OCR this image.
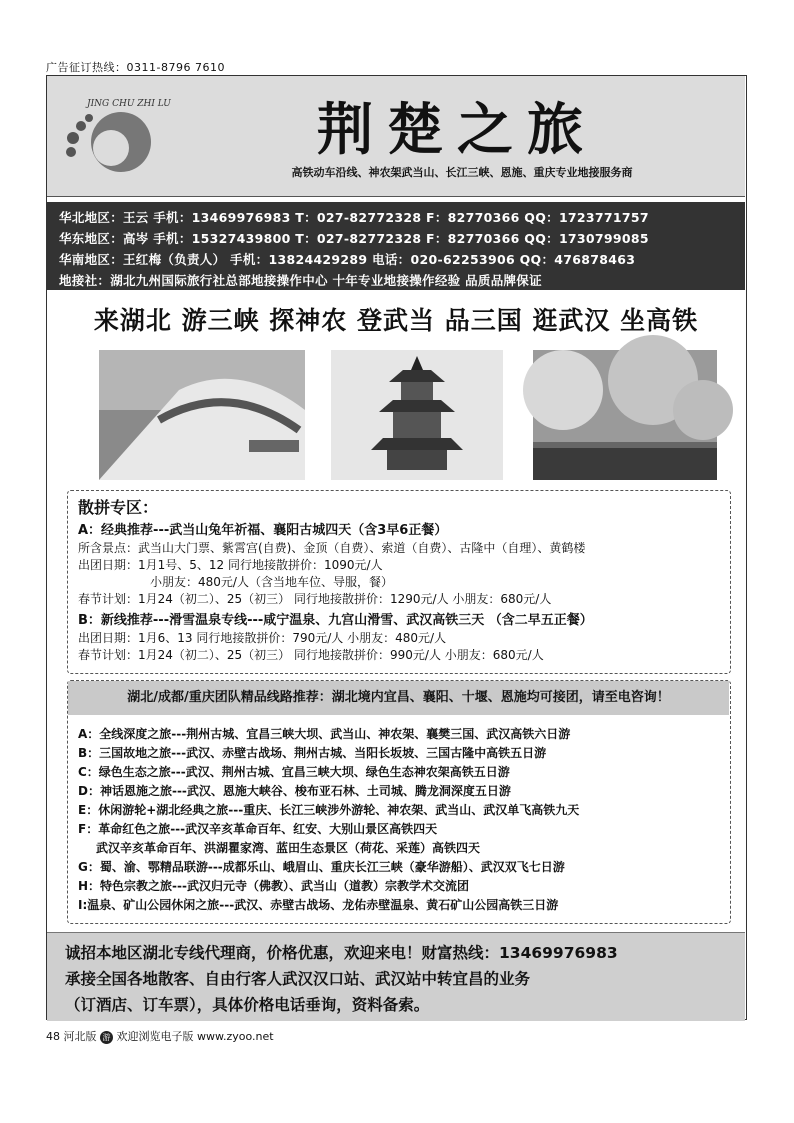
广告征订热线：0311-8796 7610
JING CHU ZHI LU	荆楚之旅
高铁动车沿线、神农架武当山、长江三峡、恩施、重庆专业地接服务商
华北地区：王云 手机：13469976983 T：027-82772328 F：82770366 QQ：1723771757
华东地区：高岑 手机：15327439800 T：027-82772328 F：82770366 QQ：1730799085
华南地区：王红梅（负责人） 手机：13824429289 电话：020-62253906 QQ：476878463
地接社：湖北九州国际旅行社总部地接操作中心 十年专业地接操作经验 品质品牌保证
来湖北 游三峡 探神农 登武当 品三国 逛武汉 坐高铁
散拼专区：
A：经典推荐---武当山兔年祈福、襄阳古城四天（含3早6正餐）
所含景点：武当山大门票、紫霄宫(自费)、金顶（自费）、索道（自费）、古隆中（自理）、黄鹤楼
出团日期：1月1号、5、12 同行地接散拼价：1090元/人
小朋友：480元/人（含当地车位、导服，餐）
春节计划：1月24（初二）、25（初三） 同行地接散拼价：1290元/人 小朋友：680元/人
B：新线推荐---滑雪温泉专线---咸宁温泉、九宫山滑雪、武汉高铁三天 （含二早五正餐）
出团日期：1月6、13 同行地接散拼价：790元/人 小朋友：480元/人
春节计划：1月24（初二）、25（初三） 同行地接散拼价：990元/人 小朋友：680元/人
湖北/成都/重庆团队精品线路推荐：湖北境内宜昌、襄阳、十堰、恩施均可接团，请至电咨询！
A：全线深度之旅---荆州古城、宜昌三峡大坝、武当山、神农架、襄樊三国、武汉高铁六日游
B：三国故地之旅---武汉、赤壁古战场、荆州古城、当阳长坂坡、三国古隆中高铁五日游
C：绿色生态之旅---武汉、荆州古城、宜昌三峡大坝、绿色生态神农架高铁五日游
D：神话恩施之旅---武汉、恩施大峡谷、梭布亚石林、土司城、腾龙洞深度五日游
E：休闲游轮+湖北经典之旅---重庆、长江三峡涉外游轮、神农架、武当山、武汉单飞高铁九天
F：革命红色之旅---武汉辛亥革命百年、红安、大别山景区高铁四天
武汉辛亥革命百年、洪湖瞿家湾、蓝田生态景区（荷花、采莲）高铁四天
G：蜀、渝、鄂精品联游---成都乐山、峨眉山、重庆长江三峡（豪华游船）、武汉双飞七日游
H：特色宗教之旅---武汉归元寺（佛教）、武当山（道教）宗教学术交流团
I:温泉、矿山公园休闲之旅---武汉、赤壁古战场、龙佑赤壁温泉、黄石矿山公园高铁三日游
诚招本地区湖北专线代理商，价格优惠，欢迎来电！财富热线：13469976983
承接全国各地散客、自由行客人武汉汉口站、武汉站中转宜昌的业务
（订酒店、订车票），具体价格电话垂询，资料备索。
48 河北版 游 欢迎浏览电子版 www.zyoo.net
